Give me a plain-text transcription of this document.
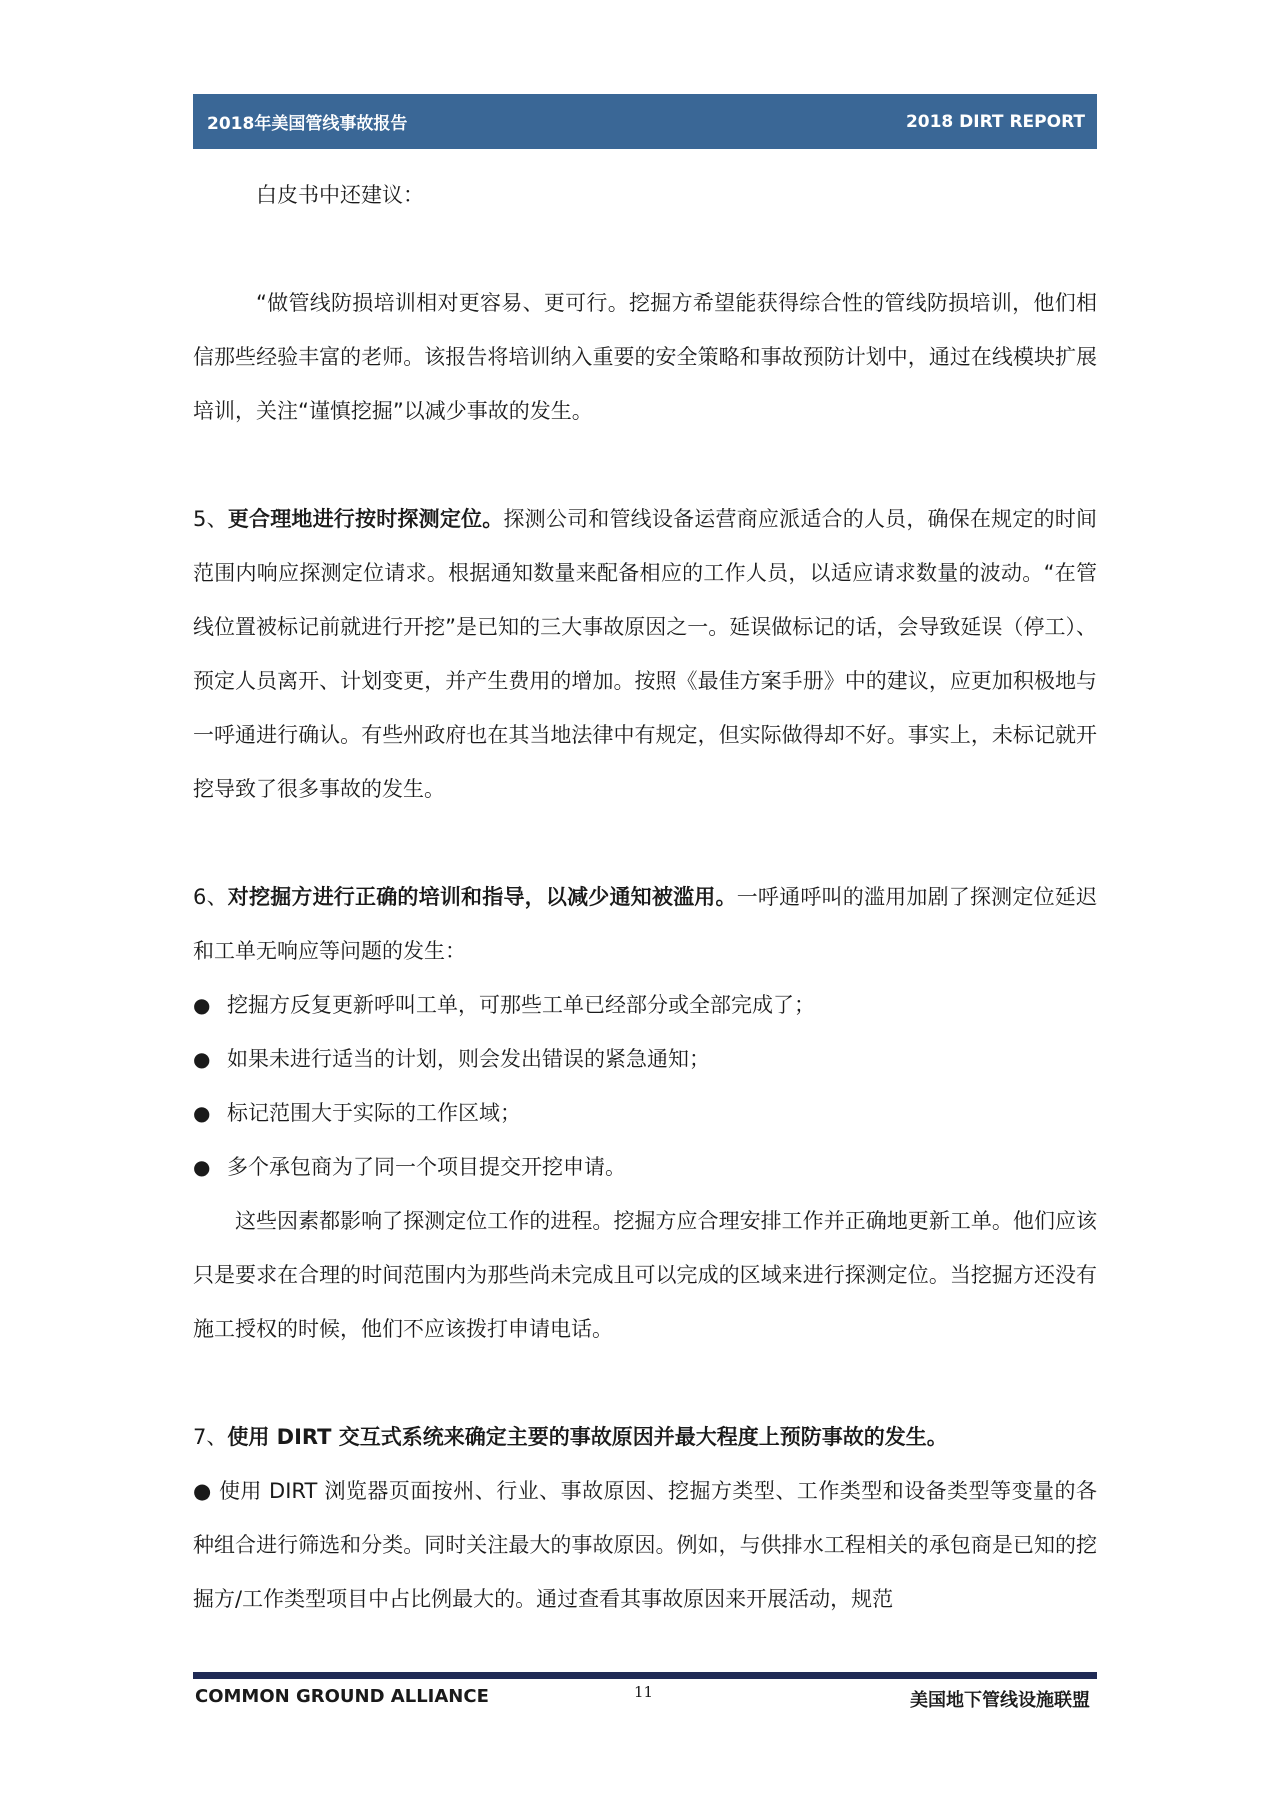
2018年美国管线事故报告	2018 DIRT REPORT

白皮书中还建议：

“做管线防损培训相对更容易、更可行。挖掘方希望能获得综合性的管线防损培训，他们相信那些经验丰富的老师。该报告将培训纳入重要的安全策略和事故预防计划中，通过在线模块扩展培训，关注“谨慎挖掘”以减少事故的发生。

5、更合理地进行按时探测定位。探测公司和管线设备运营商应派适合的人员，确保在规定的时间范围内响应探测定位请求。根据通知数量来配备相应的工作人员，以适应请求数量的波动。“在管线位置被标记前就进行开挖”是已知的三大事故原因之一。延误做标记的话，会导致延误（停工）、预定人员离开、计划变更，并产生费用的增加。按照《最佳方案手册》中的建议，应更加积极地与一呼通进行确认。有些州政府也在其当地法律中有规定，但实际做得却不好。事实上，未标记就开挖导致了很多事故的发生。

6、对挖掘方进行正确的培训和指导，以减少通知被滥用。一呼通呼叫的滥用加剧了探测定位延迟和工单无响应等问题的发生：

● 挖掘方反复更新呼叫工单，可那些工单已经部分或全部完成了；
● 如果未进行适当的计划，则会发出错误的紧急通知；
● 标记范围大于实际的工作区域；
● 多个承包商为了同一个项目提交开挖申请。

这些因素都影响了探测定位工作的进程。挖掘方应合理安排工作并正确地更新工单。他们应该只是要求在合理的时间范围内为那些尚未完成且可以完成的区域来进行探测定位。当挖掘方还没有施工授权的时候，他们不应该拨打申请电话。

7、使用 DIRT 交互式系统来确定主要的事故原因并最大程度上预防事故的发生。

● 使用 DIRT 浏览器页面按州、行业、事故原因、挖掘方类型、工作类型和设备类型等变量的各种组合进行筛选和分类。同时关注最大的事故原因。例如，与供排水工程相关的承包商是已知的挖掘方/工作类型项目中占比例最大的。通过查看其事故原因来开展活动，规范

COMMON GROUND ALLIANCE	11	美国地下管线设施联盟
